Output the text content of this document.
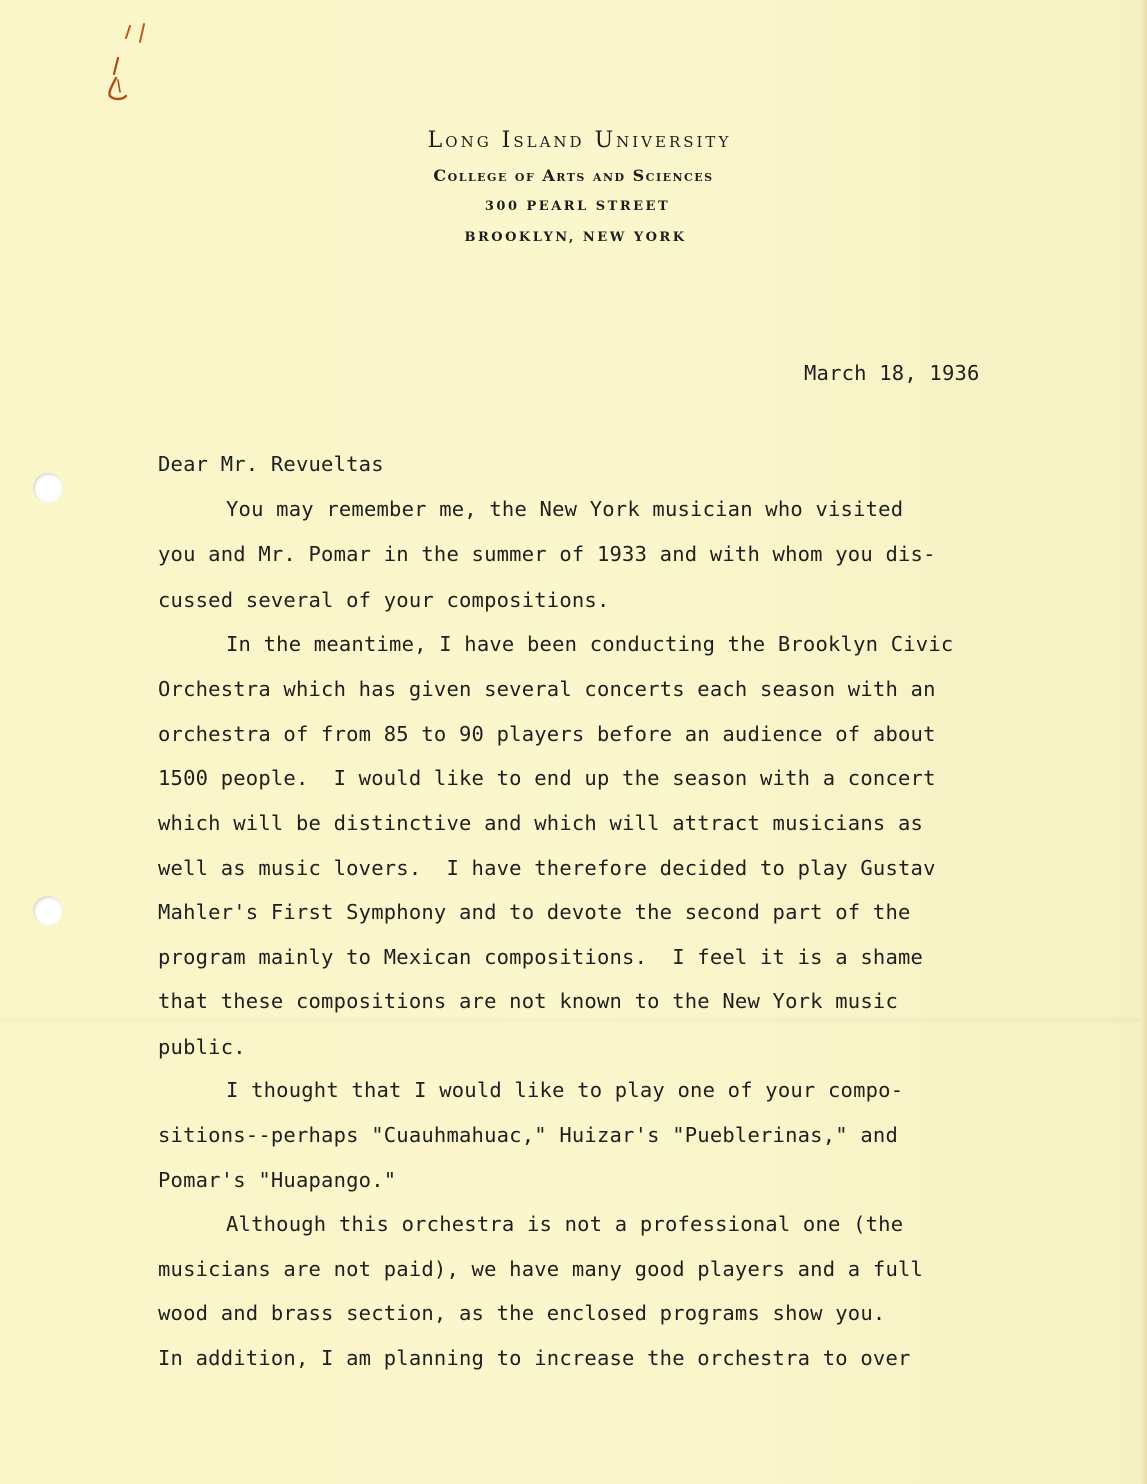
Long Island University
College of Arts and Sciences
300 PEARL STREET
BROOKLYN, NEW YORK
March 18, 1936
Dear Mr. Revueltas
You may remember me, the New York musician who visited
you and Mr. Pomar in the summer of 1933 and with whom you dis-
cussed several of your compositions.
In the meantime, I have been conducting the Brooklyn Civic
Orchestra which has given several concerts each season with an
orchestra of from 85 to 90 players before an audience of about
1500 people.  I would like to end up the season with a concert
which will be distinctive and which will attract musicians as
well as music lovers.  I have therefore decided to play Gustav
Mahler's First Symphony and to devote the second part of the
program mainly to Mexican compositions.  I feel it is a shame
that these compositions are not known to the New York music
public.
I thought that I would like to play one of your compo-
sitions--perhaps "Cuauhmahuac," Huizar's "Pueblerinas," and
Pomar's "Huapango."
Although this orchestra is not a professional one (the
musicians are not paid), we have many good players and a full
wood and brass section, as the enclosed programs show you.
In addition, I am planning to increase the orchestra to over
